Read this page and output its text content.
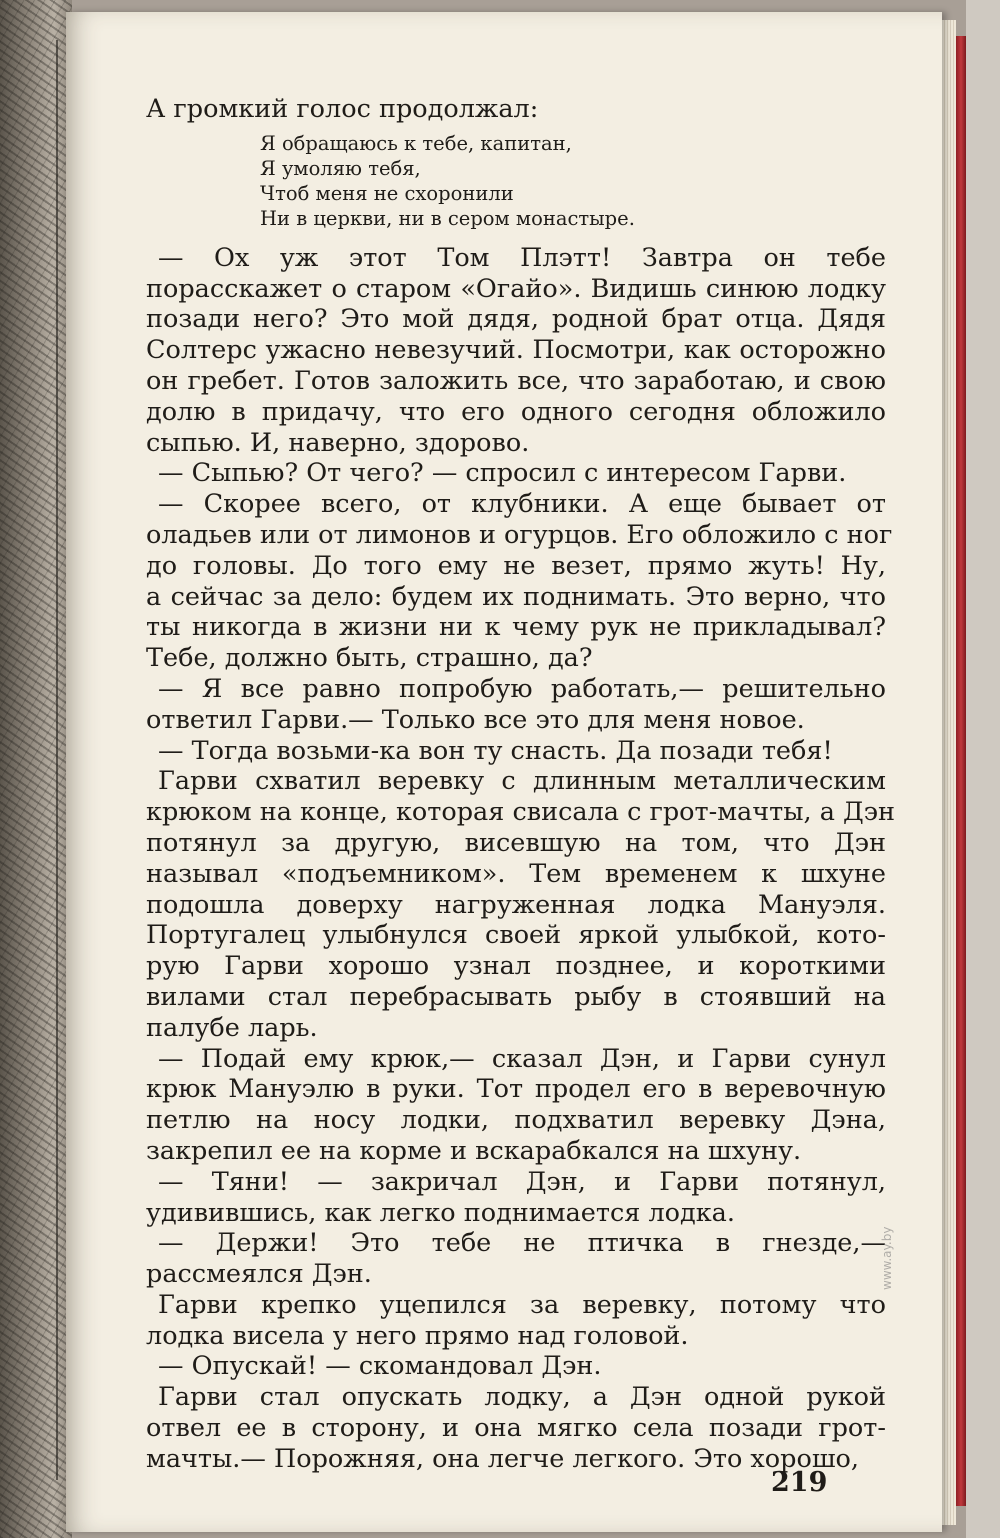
А громкий голос продолжал:

Я обращаюсь к тебе, капитан,
Я умоляю тебя,
Чтоб меня не схоронили
Ни в церкви, ни в сером монастыре.

— Ох уж этот Том Плэтт! Завтра он тебе
порасскажет о старом «Огайо». Видишь синюю лодку
позади него? Это мой дядя, родной брат отца. Дядя
Солтерс ужасно невезучий. Посмотри, как осторожно
он гребет. Готов заложить все, что заработаю, и свою
долю в придачу, что его одного сегодня обложило
сыпью. И, наверно, здорово.

— Сыпью? От чего? — спросил с интересом Гарви.

— Скорее всего, от клубники. А еще бывает от
оладьев или от лимонов и огурцов. Его обложило с ног
до головы. До того ему не везет, прямо жуть! Ну,
а сейчас за дело: будем их поднимать. Это верно, что
ты никогда в жизни ни к чему рук не прикладывал?
Тебе, должно быть, страшно, да?

— Я все равно попробую работать,— решительно
ответил Гарви.— Только все это для меня новое.

— Тогда возьми-ка вон ту снасть. Да позади тебя!

Гарви схватил веревку с длинным металлическим
крюком на конце, которая свисала с грот-мачты, а Дэн
потянул за другую, висевшую на том, что Дэн
называл «подъемником». Тем временем к шхуне
подошла доверху нагруженная лодка Мануэля.
Португалец улыбнулся своей яркой улыбкой, кото-
рую Гарви хорошо узнал позднее, и короткими
вилами стал перебрасывать рыбу в стоявший на
палубе ларь.

— Подай ему крюк,— сказал Дэн, и Гарви сунул
крюк Мануэлю в руки. Тот продел его в веревочную
петлю на носу лодки, подхватил веревку Дэна,
закрепил ее на корме и вскарабкался на шхуну.

— Тяни! — закричал Дэн, и Гарви потянул,
удивившись, как легко поднимается лодка.

— Держи! Это тебе не птичка в гнезде,—
рассмеялся Дэн.

Гарви крепко уцепился за веревку, потому что
лодка висела у него прямо над головой.

— Опускай! — скомандовал Дэн.

Гарви стал опускать лодку, а Дэн одной рукой
отвел ее в сторону, и она мягко села позади грот-
мачты.— Порожняя, она легче легкого. Это хорошо,

219
www.ay.by
